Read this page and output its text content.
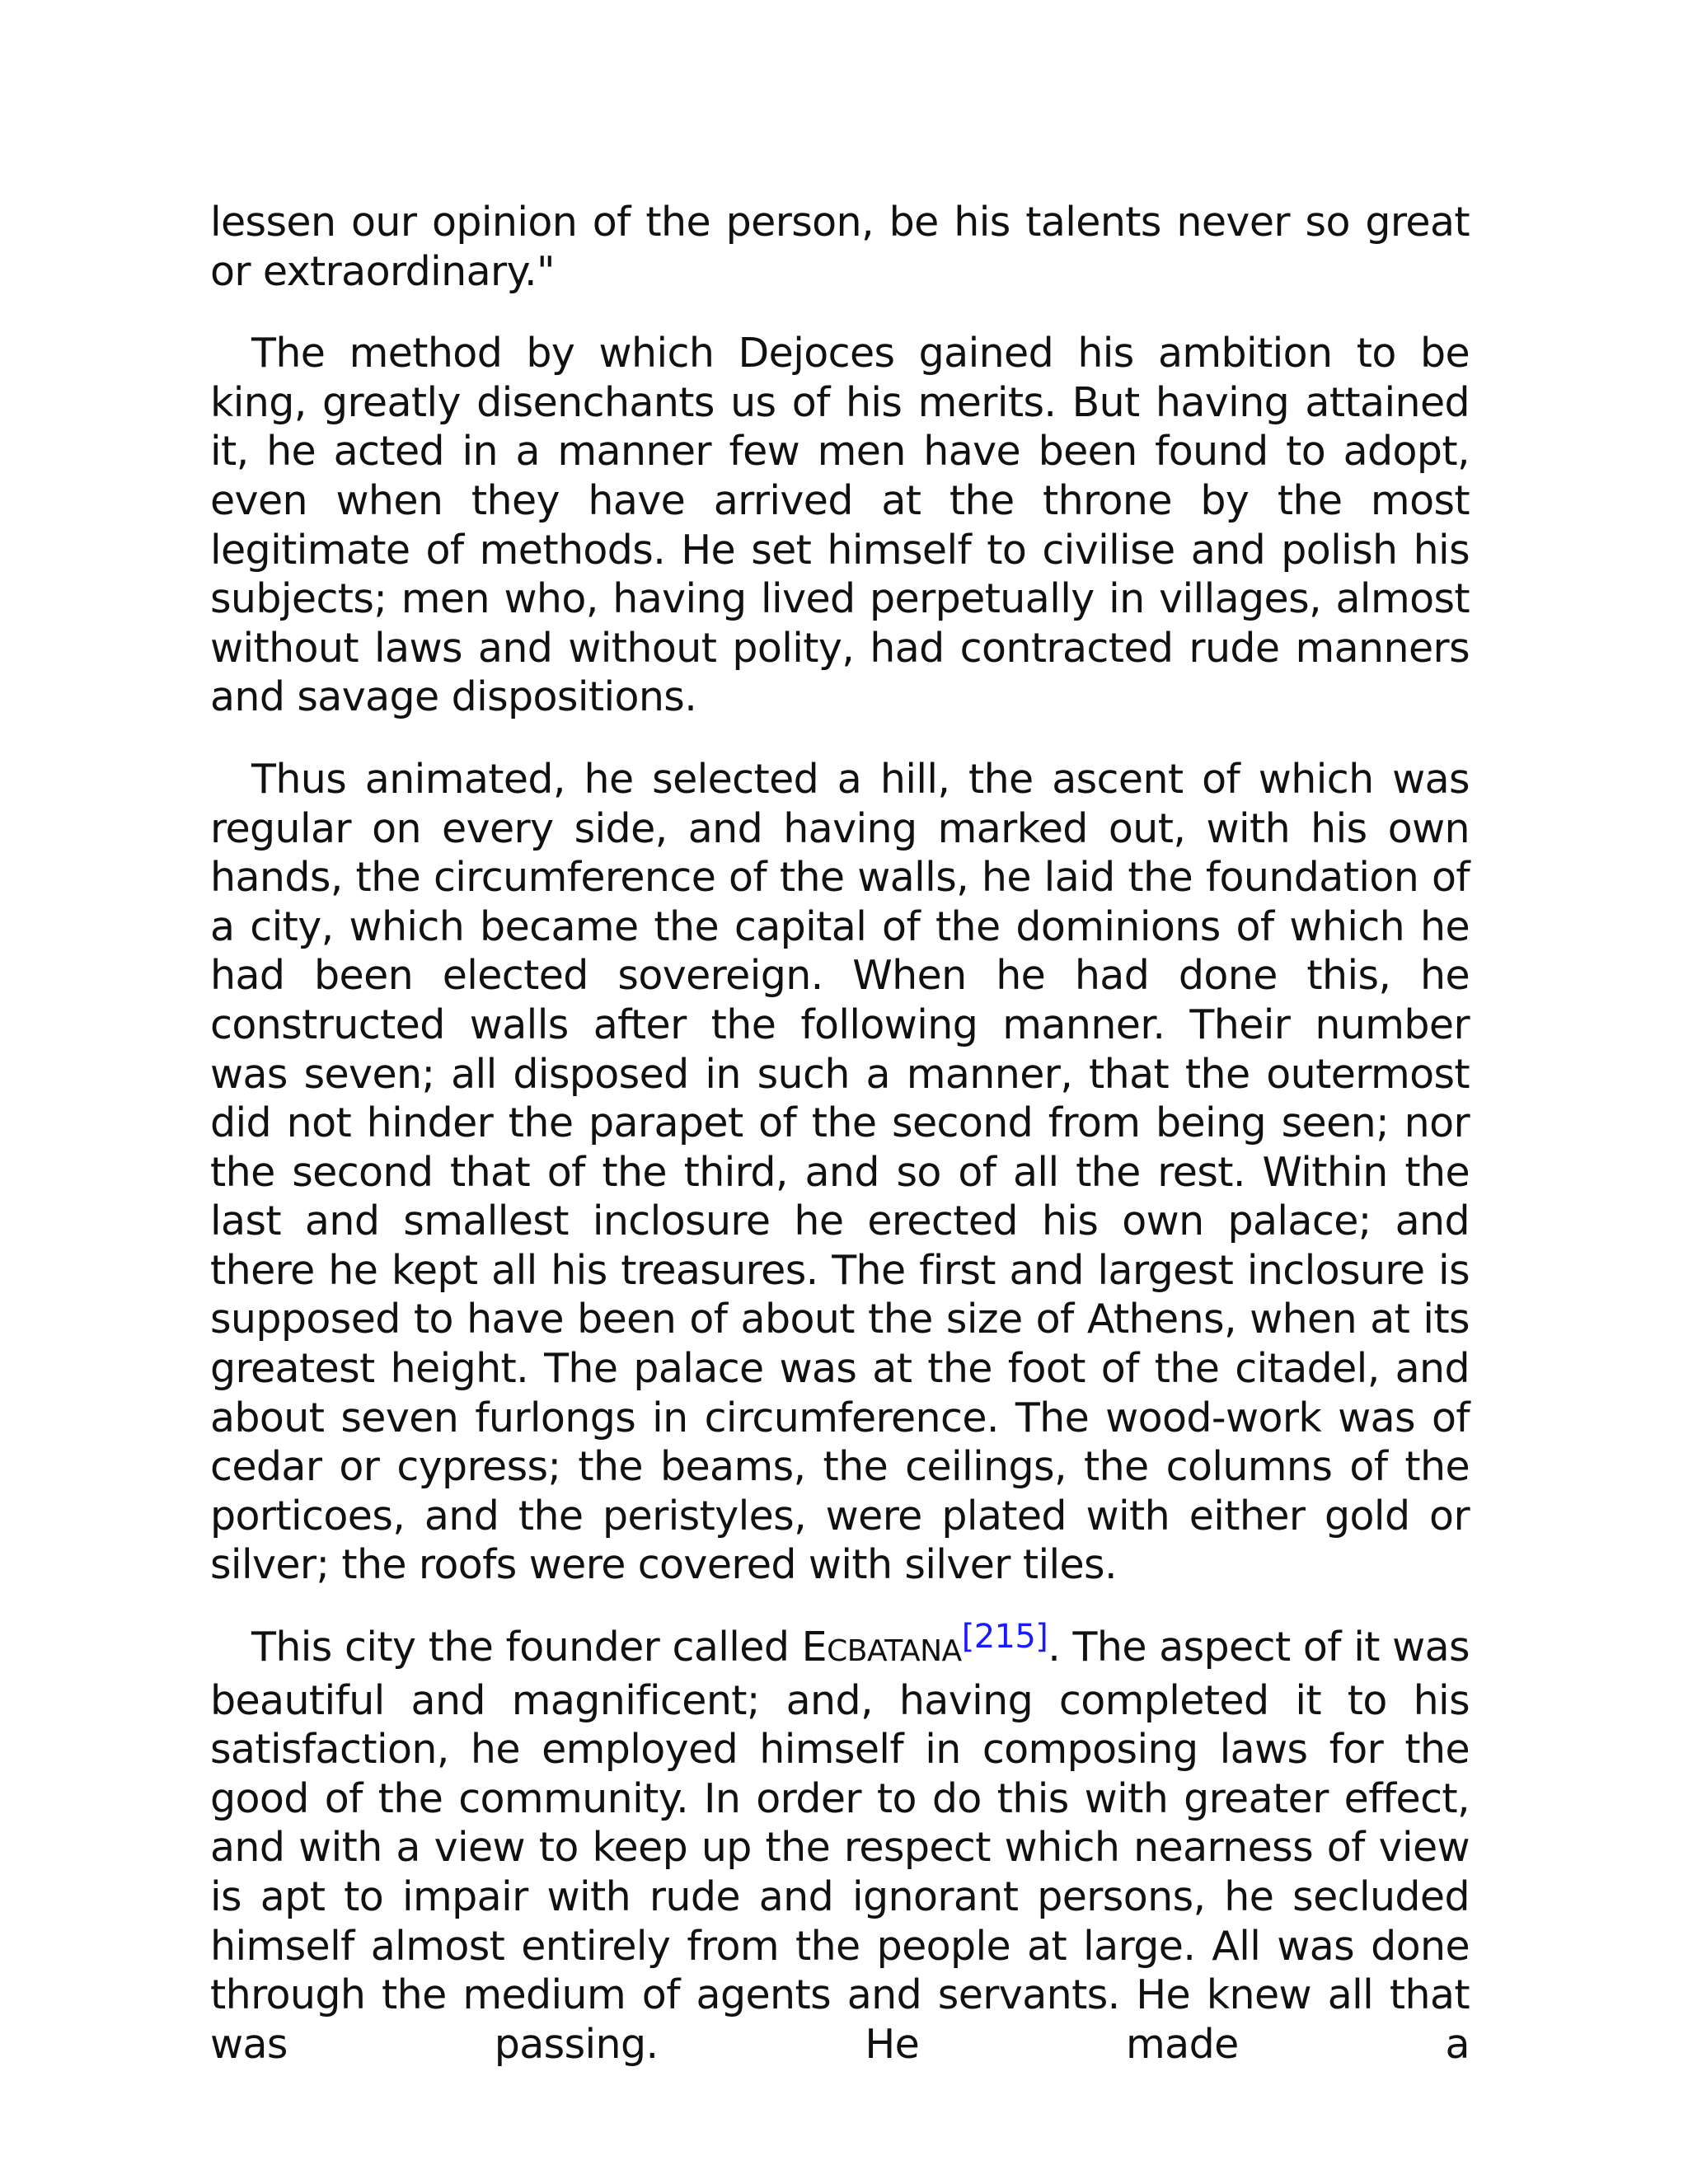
lessen our opinion of the person, be his talents never so great or extraordinary."

The method by which Dejoces gained his ambition to be king, greatly disenchants us of his merits. But having attained it, he acted in a manner few men have been found to adopt, even when they have arrived at the throne by the most legitimate of methods. He set himself to civilise and polish his subjects; men who, having lived perpetually in villages, almost without laws and without polity, had contracted rude manners and savage dispositions.

Thus animated, he selected a hill, the ascent of which was regular on every side, and having marked out, with his own hands, the circumference of the walls, he laid the foundation of a city, which became the capital of the dominions of which he had been elected sovereign. When he had done this, he constructed walls after the following manner. Their number was seven; all disposed in such a manner, that the outermost did not hinder the parapet of the second from being seen; nor the second that of the third, and so of all the rest. Within the last and smallest inclosure he erected his own palace; and there he kept all his treasures. The first and largest inclosure is supposed to have been of about the size of Athens, when at its greatest height. The palace was at the foot of the citadel, and about seven furlongs in circumference. The wood-work was of cedar or cypress; the beams, the ceilings, the columns of the porticoes, and the peristyles, were plated with either gold or silver; the roofs were covered with silver tiles.

This city the founder called ECBATANA[215]. The aspect of it was beautiful and magnificent; and, having completed it to his satisfaction, he employed himself in composing laws for the good of the community. In order to do this with greater effect, and with a view to keep up the respect which nearness of view is apt to impair with rude and ignorant persons, he secluded himself almost entirely from the people at large. All was done through the medium of agents and servants. He knew all that was passing. He made a
